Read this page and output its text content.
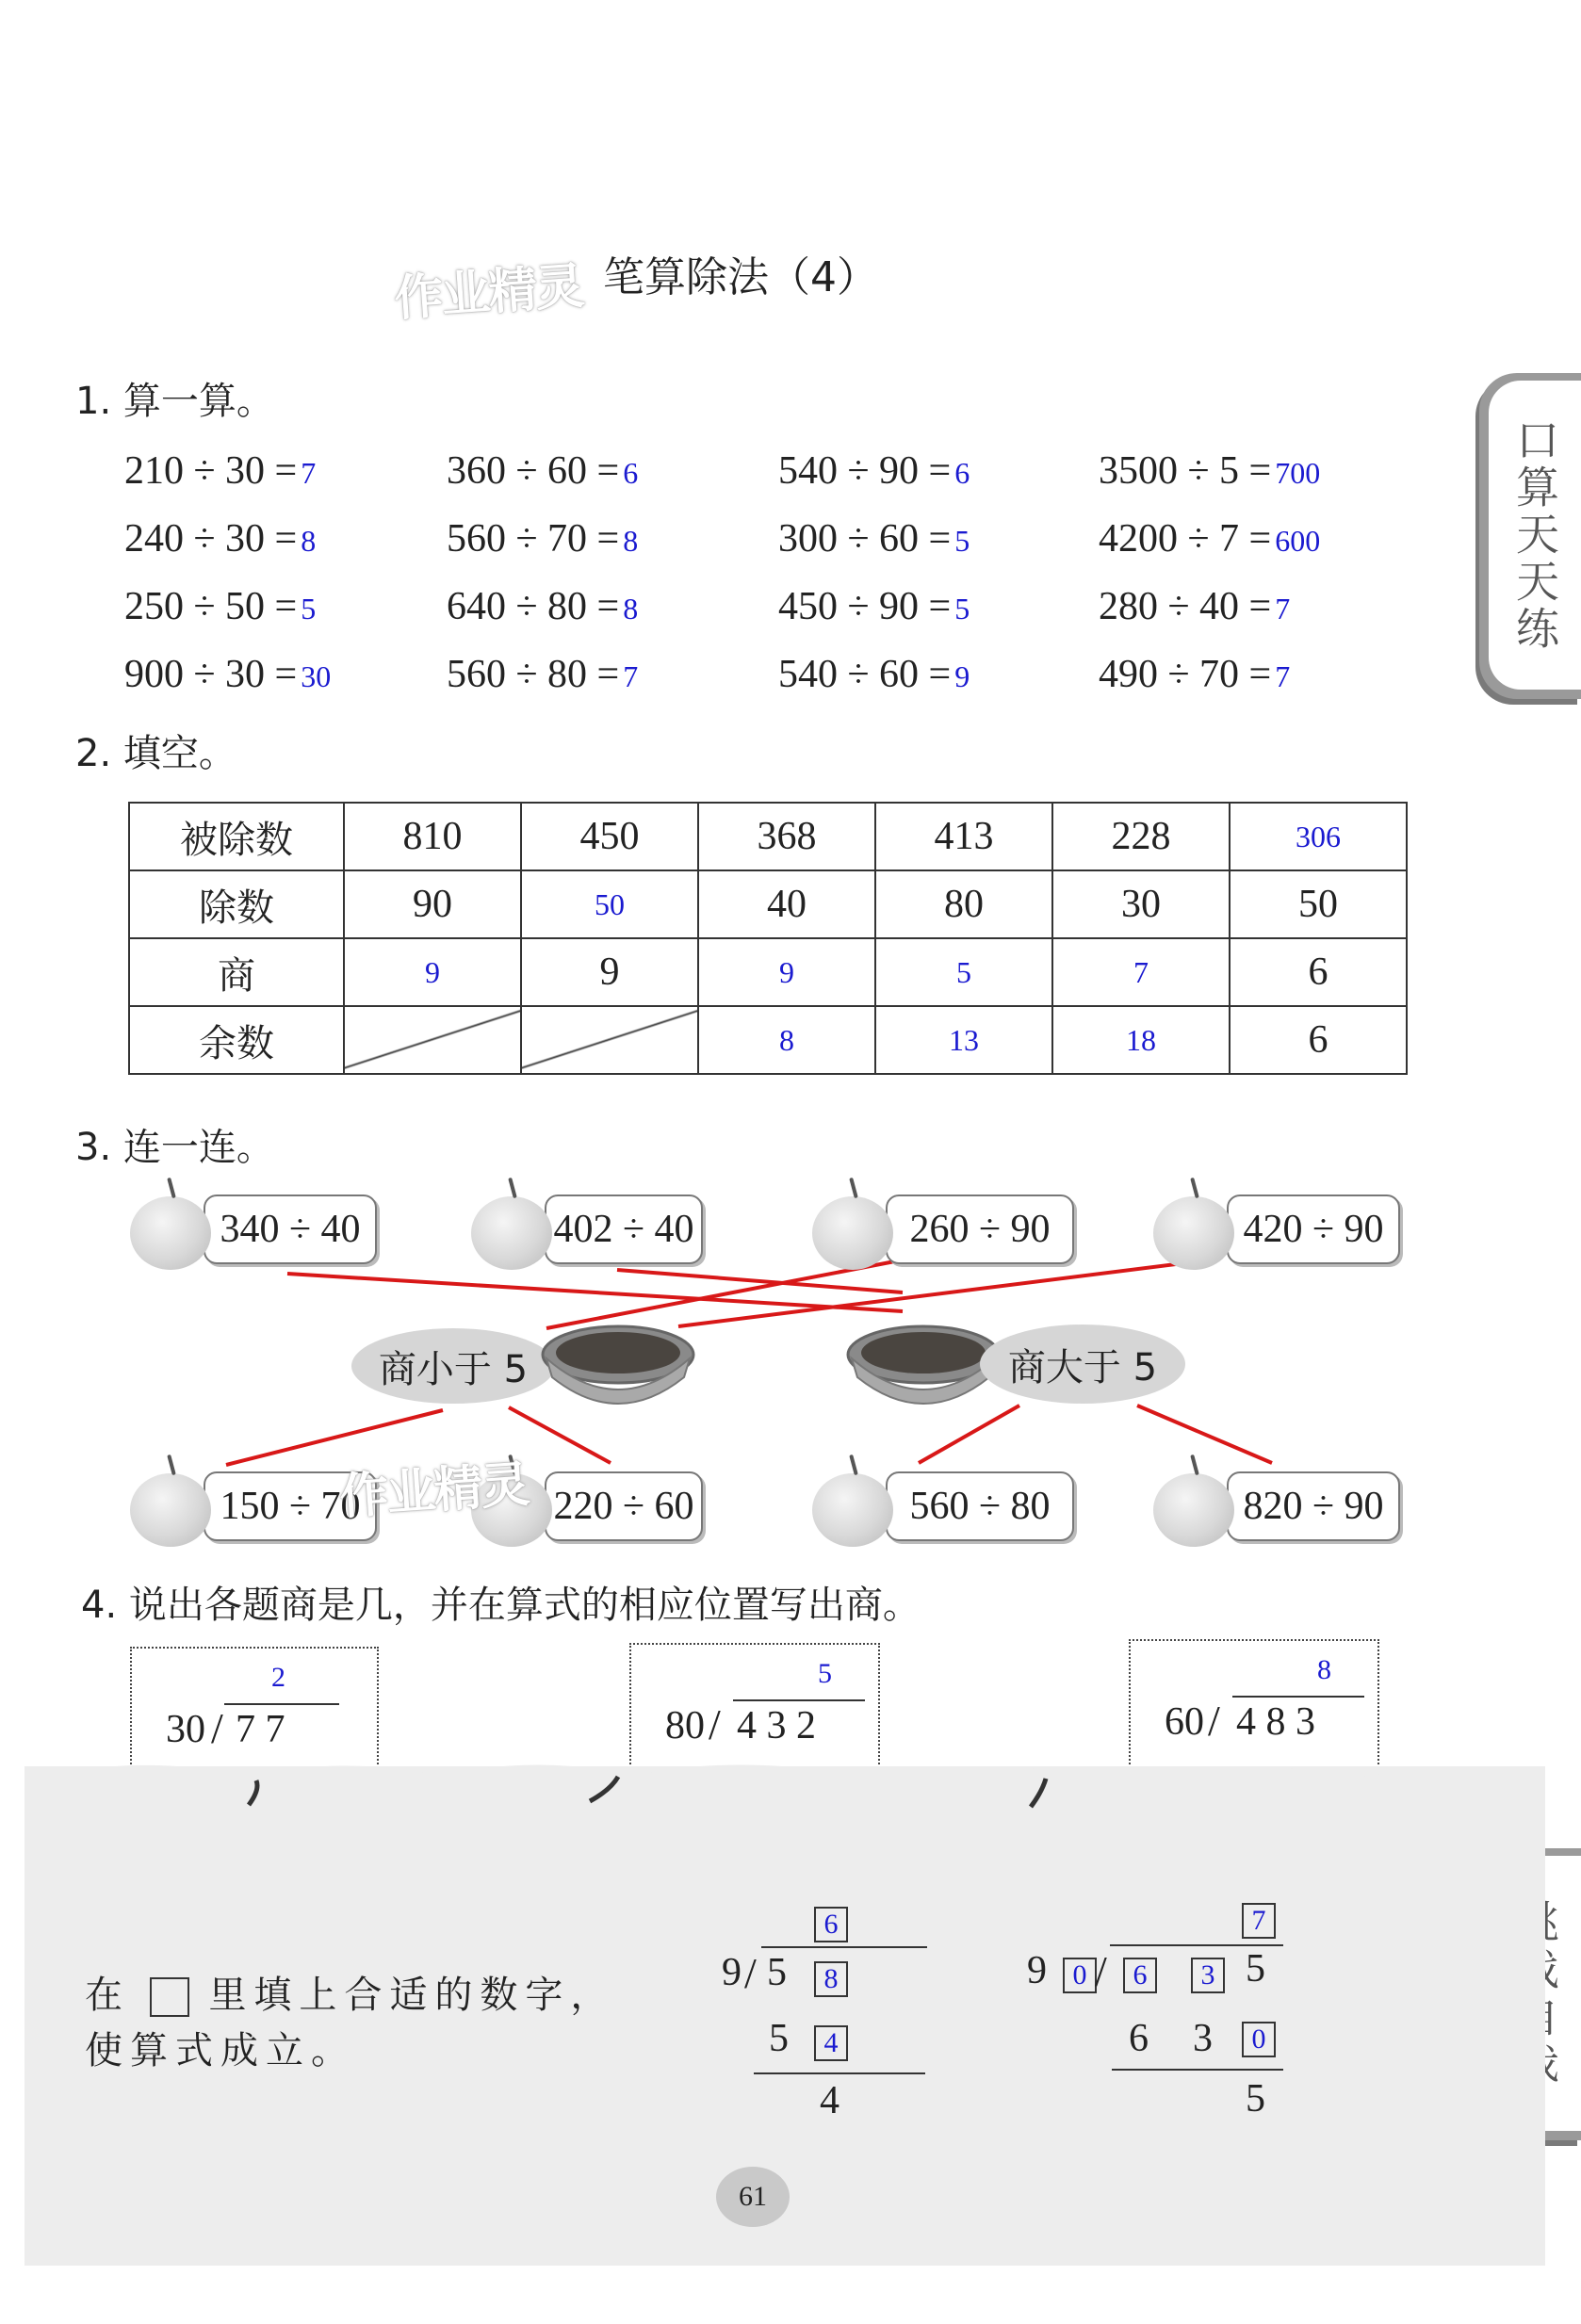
作业精灵 笔算除法（4）
口算天天练
1. 算一算。
210 ÷ 30 = 7	360 ÷ 60 = 6	540 ÷ 90 = 6	3500 ÷ 5 = 700
240 ÷ 30 = 8	560 ÷ 70 = 8	300 ÷ 60 = 5	4200 ÷ 7 = 600
250 ÷ 50 = 5	640 ÷ 80 = 8	450 ÷ 90 = 5	280 ÷ 40 = 7
900 ÷ 30 = 30	560 ÷ 80 = 7	540 ÷ 60 = 9	490 ÷ 70 = 7
2. 填空。
被除数	810	450	368	413	228	306
除数	90	50	40	80	30	50
商	9	9	9	5	7	6
余数			8	13	18	6
3. 连一连。
340 ÷ 40	402 ÷ 40	260 ÷ 90	420 ÷ 90
150 ÷ 70	220 ÷ 60	560 ÷ 80	820 ÷ 90
商小于 5	商大于 5
作业精灵
4. 说出各题商是几，并在算式的相应位置写出商。
2
30 / 7 7
5
80 / 4 3 2
8
60 / 4 8 3
在 里填上合适的数字，
使算式成立。
6
9 / 5	8
5	4
4
7
9 0 / 6	3 5
6 3	0
5
61
